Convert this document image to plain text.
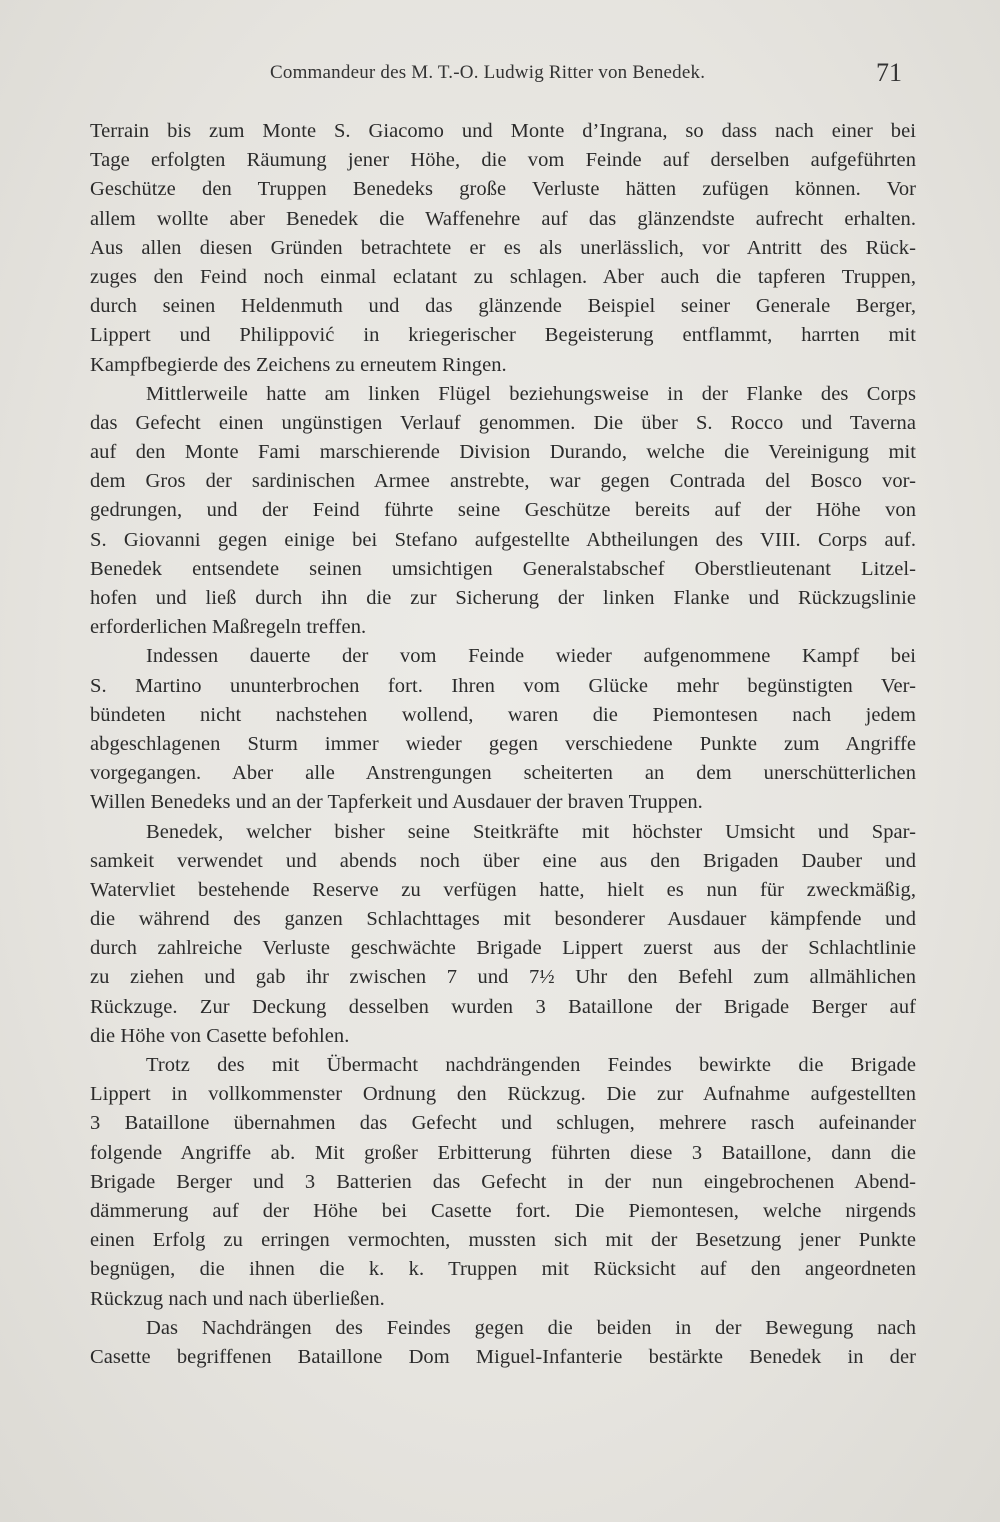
Commandeur des M. T.-O. Ludwig Ritter von Benedek.	71
Terrain bis zum Monte S. Giacomo und Monte d’Ingrana, so dass nach einer bei
Tage erfolgten Räumung jener Höhe, die vom Feinde auf derselben aufgeführten
Geschütze den Truppen Benedeks große Verluste hätten zufügen können. Vor
allem wollte aber Benedek die Waffenehre auf das glänzendste aufrecht erhalten.
Aus allen diesen Gründen betrachtete er es als unerlässlich, vor Antritt des Rück-
zuges den Feind noch einmal eclatant zu schlagen. Aber auch die tapferen Truppen,
durch seinen Heldenmuth und das glänzende Beispiel seiner Generale Berger,
Lippert und Philippović in kriegerischer Begeisterung entflammt, harrten mit
Kampfbegierde des Zeichens zu erneutem Ringen.
Mittlerweile hatte am linken Flügel beziehungsweise in der Flanke des Corps
das Gefecht einen ungünstigen Verlauf genommen. Die über S. Rocco und Taverna
auf den Monte Fami marschierende Division Durando, welche die Vereinigung mit
dem Gros der sardinischen Armee anstrebte, war gegen Contrada del Bosco vor-
gedrungen, und der Feind führte seine Geschütze bereits auf der Höhe von
S. Giovanni gegen einige bei Stefano aufgestellte Abtheilungen des VIII. Corps auf.
Benedek entsendete seinen umsichtigen Generalstabschef Oberstlieutenant Litzel-
hofen und ließ durch ihn die zur Sicherung der linken Flanke und Rückzugslinie
erforderlichen Maßregeln treffen.
Indessen dauerte der vom Feinde wieder aufgenommene Kampf bei
S. Martino ununterbrochen fort. Ihren vom Glücke mehr begünstigten Ver-
bündeten nicht nachstehen wollend, waren die Piemontesen nach jedem
abgeschlagenen Sturm immer wieder gegen verschiedene Punkte zum Angriffe
vorgegangen. Aber alle Anstrengungen scheiterten an dem unerschütterlichen
Willen Benedeks und an der Tapferkeit und Ausdauer der braven Truppen.
Benedek, welcher bisher seine Steitkräfte mit höchster Umsicht und Spar-
samkeit verwendet und abends noch über eine aus den Brigaden Dauber und
Watervliet bestehende Reserve zu verfügen hatte, hielt es nun für zweckmäßig,
die während des ganzen Schlachttages mit besonderer Ausdauer kämpfende und
durch zahlreiche Verluste geschwächte Brigade Lippert zuerst aus der Schlachtlinie
zu ziehen und gab ihr zwischen 7 und 7½ Uhr den Befehl zum allmählichen
Rückzuge. Zur Deckung desselben wurden 3 Bataillone der Brigade Berger auf
die Höhe von Casette befohlen.
Trotz des mit Übermacht nachdrängenden Feindes bewirkte die Brigade
Lippert in vollkommenster Ordnung den Rückzug. Die zur Aufnahme aufgestellten
3 Bataillone übernahmen das Gefecht und schlugen, mehrere rasch aufeinander
folgende Angriffe ab. Mit großer Erbitterung führten diese 3 Bataillone, dann die
Brigade Berger und 3 Batterien das Gefecht in der nun eingebrochenen Abend-
dämmerung auf der Höhe bei Casette fort. Die Piemontesen, welche nirgends
einen Erfolg zu erringen vermochten, mussten sich mit der Besetzung jener Punkte
begnügen, die ihnen die k. k. Truppen mit Rücksicht auf den angeordneten
Rückzug nach und nach überließen.
Das Nachdrängen des Feindes gegen die beiden in der Bewegung nach
Casette begriffenen Bataillone Dom Miguel-Infanterie bestärkte Benedek in der
